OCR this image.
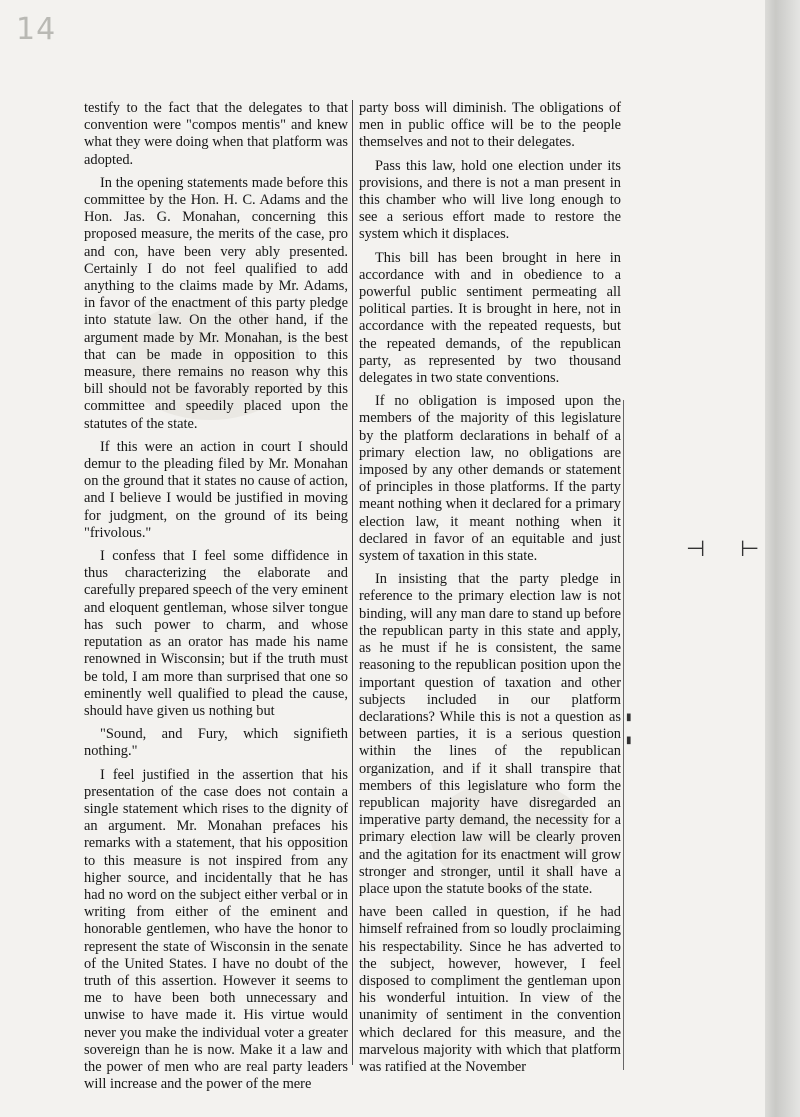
14

testify to the fact that the delegates to that convention were "compos mentis" and knew what they were doing when that platform was adopted.

In the opening statements made before this committee by the Hon. H. C. Adams and the Hon. Jas. G. Monahan, concerning this proposed measure, the merits of the case, pro and con, have been very ably presented. Certainly I do not feel qualified to add anything to the claims made by Mr. Adams, in favor of the enactment of this party pledge into statute law. On the other hand, if the argument made by Mr. Monahan, is the best that can be made in opposition to this measure, there remains no reason why this bill should not be favorably reported by this committee and speedily placed upon the statutes of the state.

If this were an action in court I should demur to the pleading filed by Mr. Monahan on the ground that it states no cause of action, and I believe I would be justified in moving for judgment, on the ground of its being "frivolous."

I confess that I feel some diffidence in thus characterizing the elaborate and carefully prepared speech of the very eminent and eloquent gentleman, whose silver tongue has such power to charm, and whose reputation as an orator has made his name renowned in Wisconsin; but if the truth must be told, I am more than surprised that one so eminently well qualified to plead the cause, should have given us nothing but

"Sound, and Fury, which signifieth nothing."

I feel justified in the assertion that his presentation of the case does not contain a single statement which rises to the dignity of an argument. Mr. Monahan prefaces his remarks with a statement, that his opposition to this measure is not inspired from any higher source, and incidentally that he has had no word on the subject either verbal or in writing from either of the eminent and honorable gentlemen, who have the honor to represent the state of Wisconsin in the senate of the United States. I have no doubt of the truth of this assertion. However it seems to me to have been both unnecessary and unwise to have made it. His virtue would never you make the individual voter a greater sovereign than he is now. Make it a law and the power of men who are real party leaders will increase and the power of the mere

party boss will diminish. The obligations of men in public office will be to the people themselves and not to their delegates.

Pass this law, hold one election under its provisions, and there is not a man present in this chamber who will live long enough to see a serious effort made to restore the system which it displaces.

This bill has been brought in here in accordance with and in obedience to a powerful public sentiment permeating all political parties. It is brought in here, not in accordance with the repeated requests, but the repeated demands, of the republican party, as represented by two thousand delegates in two state conventions.

If no obligation is imposed upon the members of the majority of this legislature by the platform declarations in behalf of a primary election law, no obligations are imposed by any other demands or statement of principles in those platforms. If the party meant nothing when it declared for a primary election law, it meant nothing when it declared in favor of an equitable and just system of taxation in this state.

In insisting that the party pledge in reference to the primary election law is not binding, will any man dare to stand up before the republican party in this state and apply, as he must if he is consistent, the same reasoning to the republican position upon the important question of taxation and other subjects included in our platform declarations? While this is not a question as between parties, it is a serious question within the lines of the republican organization, and if it shall transpire that members of this legislature who form the republican majority have disregarded an imperative party demand, the necessity for a primary election law will be clearly proven and the agitation for its enactment will grow stronger and stronger, until it shall have a place upon the statute books of the state.

have been called in question, if he had himself refrained from so loudly proclaiming his respectability. Since he has adverted to the subject, however, however, I feel disposed to compliment the gentleman upon his wonderful intuition. In view of the unanimity of sentiment in the convention which declared for this measure, and the marvelous majority with which that platform was ratified at the November

⊣ ⊢
▮
▮
